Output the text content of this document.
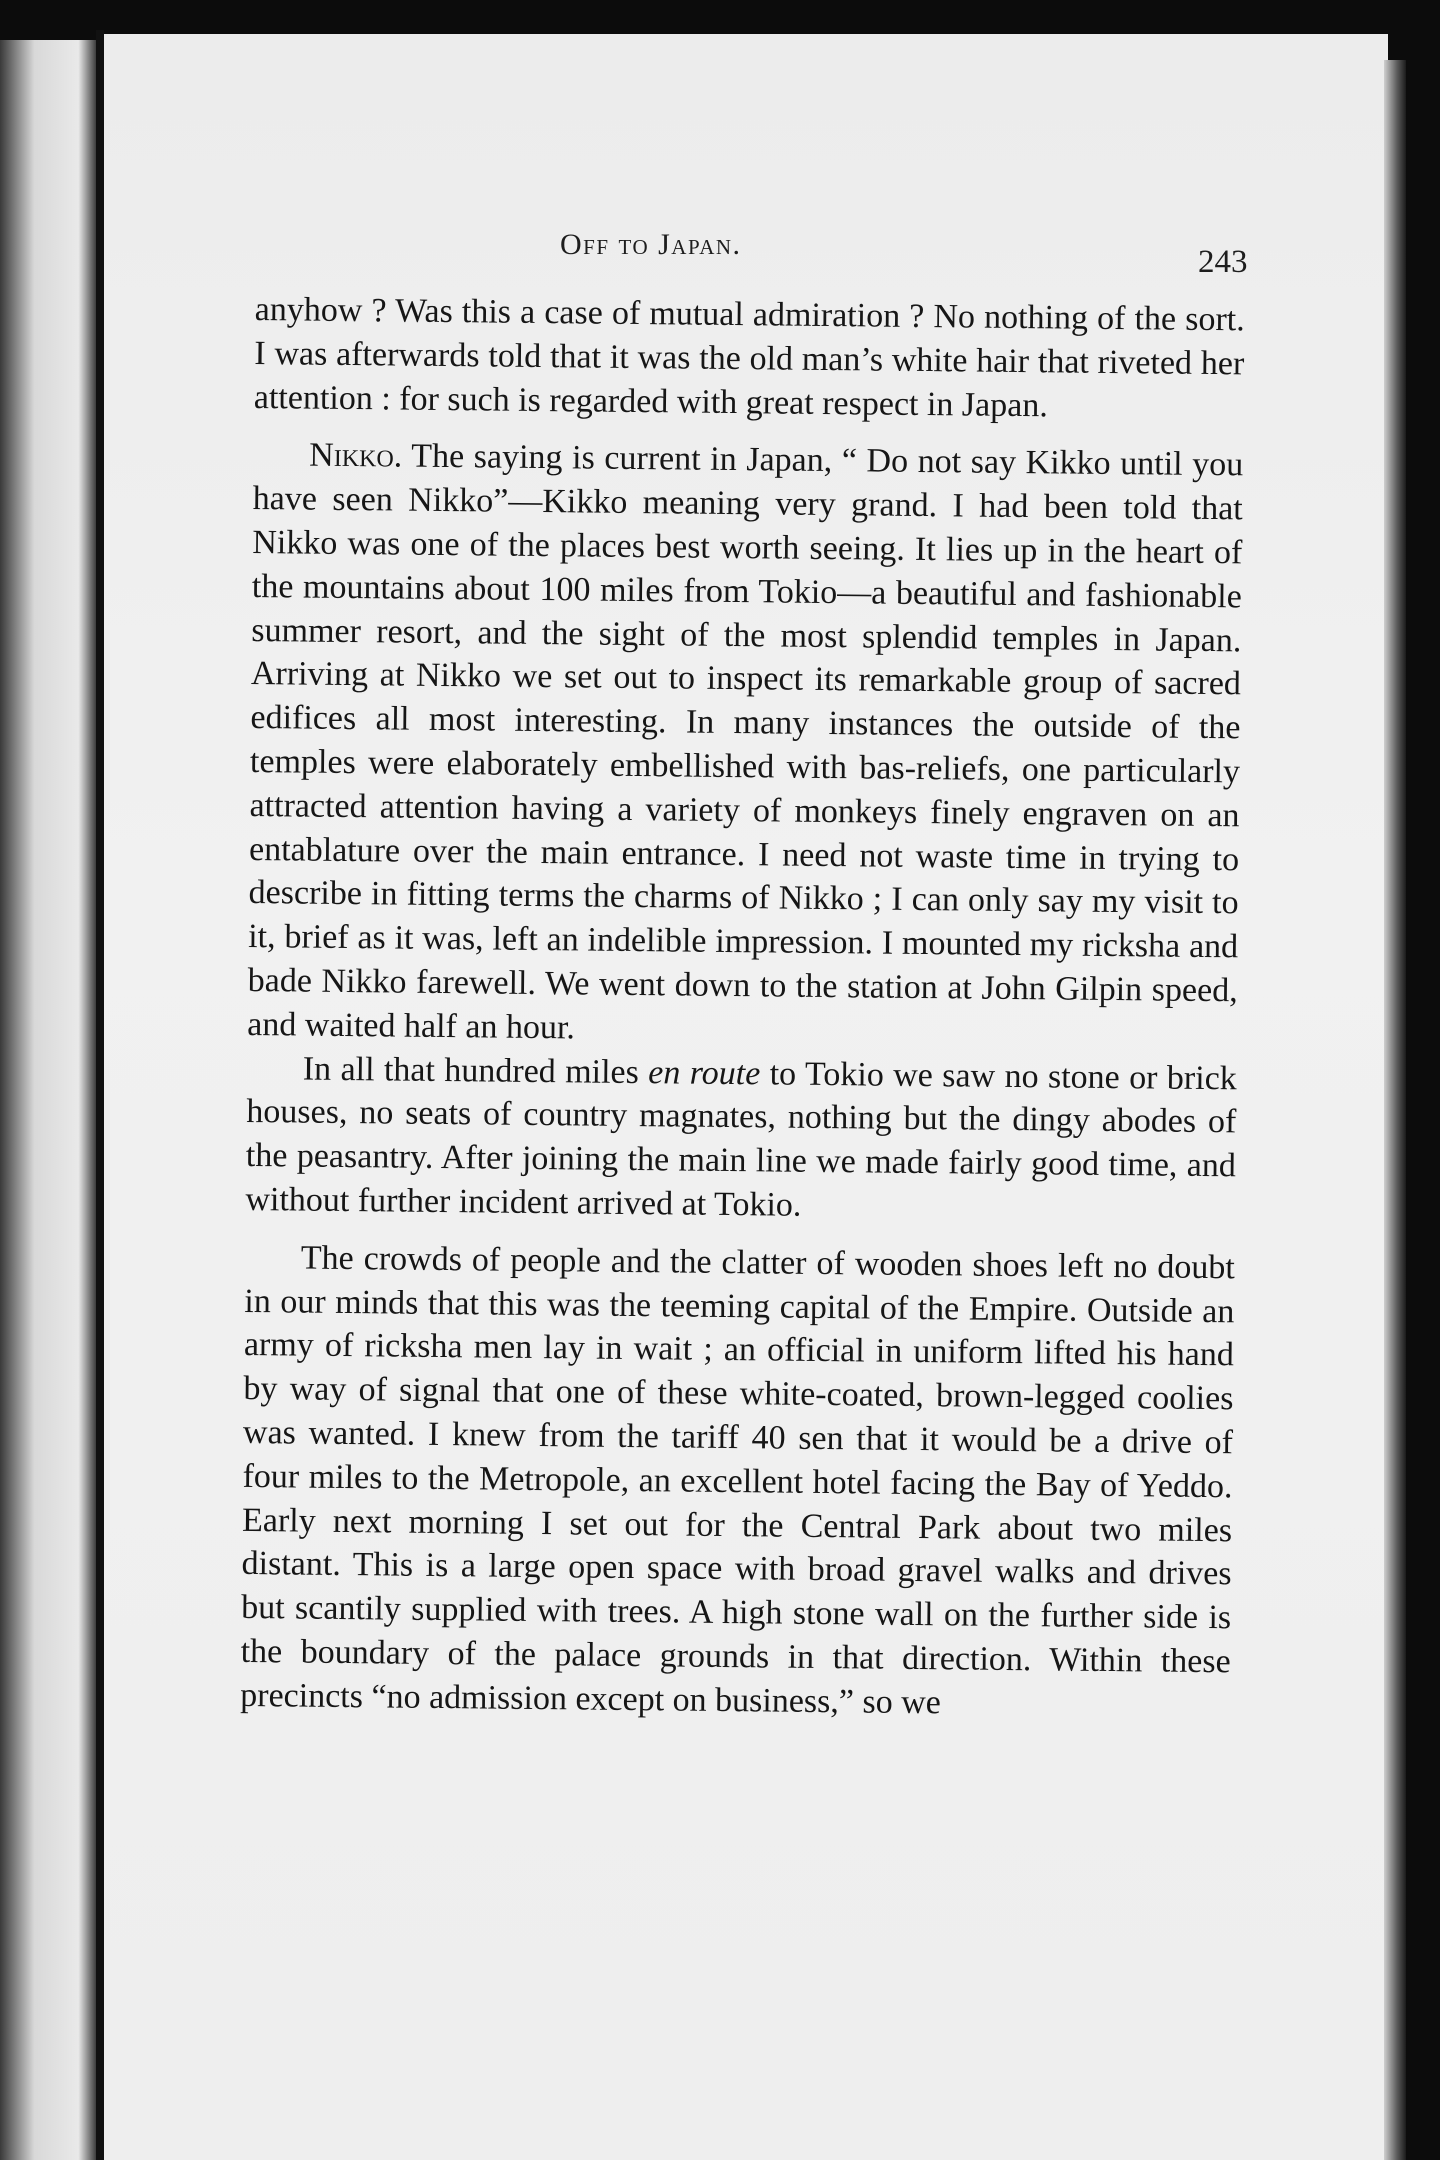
Off to Japan.	243

anyhow ? Was this a case of mutual admiration ? No nothing of the sort. I was afterwards told that it was the old man’s white hair that riveted her attention : for such is regarded with great respect in Japan.

Nikko. The saying is current in Japan, “ Do not say Kikko until you have seen Nikko”—Kikko meaning very grand. I had been told that Nikko was one of the places best worth seeing. It lies up in the heart of the mountains about 100 miles from Tokio—a beautiful and fashionable summer resort, and the sight of the most splendid temples in Japan. Arriving at Nikko we set out to inspect its remarkable group of sacred edifices all most interesting. In many instances the outside of the temples were elaborately embellished with bas-reliefs, one particularly attracted attention having a variety of monkeys finely engraven on an entablature over the main entrance. I need not waste time in trying to describe in fitting terms the charms of Nikko ; I can only say my visit to it, brief as it was, left an indelible impression. I mounted my ricksha and bade Nikko farewell. We went down to the station at John Gilpin speed, and waited half an hour.

In all that hundred miles en route to Tokio we saw no stone or brick houses, no seats of country magnates, nothing but the dingy abodes of the peasantry. After joining the main line we made fairly good time, and without further incident arrived at Tokio.

The crowds of people and the clatter of wooden shoes left no doubt in our minds that this was the teeming capital of the Empire. Outside an army of ricksha men lay in wait ; an official in uniform lifted his hand by way of signal that one of these white-coated, brown-legged coolies was wanted. I knew from the tariff 40 sen that it would be a drive of four miles to the Metropole, an excellent hotel facing the Bay of Yeddo. Early next morning I set out for the Central Park about two miles distant. This is a large open space with broad gravel walks and drives but scantily supplied with trees. A high stone wall on the further side is the boundary of the palace grounds in that direction. Within these precincts “no admission except on business,” so we
